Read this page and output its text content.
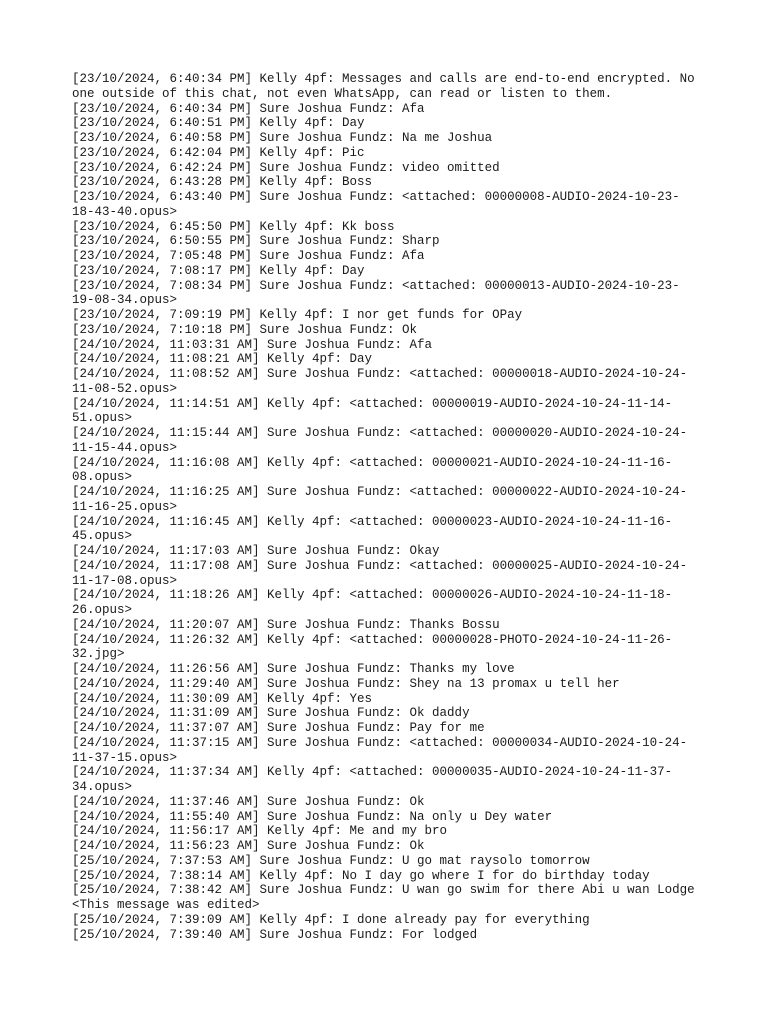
[23/10/2024, 6:40:34 PM] Kelly 4pf: Messages and calls are end-to-end encrypted. No
one outside of this chat, not even WhatsApp, can read or listen to them.
[23/10/2024, 6:40:34 PM] Sure Joshua Fundz: Afa
[23/10/2024, 6:40:51 PM] Kelly 4pf: Day
[23/10/2024, 6:40:58 PM] Sure Joshua Fundz: Na me Joshua
[23/10/2024, 6:42:04 PM] Kelly 4pf: Pic
[23/10/2024, 6:42:24 PM] Sure Joshua Fundz: video omitted
[23/10/2024, 6:43:28 PM] Kelly 4pf: Boss
[23/10/2024, 6:43:40 PM] Sure Joshua Fundz: <attached: 00000008-AUDIO-2024-10-23-
18-43-40.opus>
[23/10/2024, 6:45:50 PM] Kelly 4pf: Kk boss
[23/10/2024, 6:50:55 PM] Sure Joshua Fundz: Sharp
[23/10/2024, 7:05:48 PM] Sure Joshua Fundz: Afa
[23/10/2024, 7:08:17 PM] Kelly 4pf: Day
[23/10/2024, 7:08:34 PM] Sure Joshua Fundz: <attached: 00000013-AUDIO-2024-10-23-
19-08-34.opus>
[23/10/2024, 7:09:19 PM] Kelly 4pf: I nor get funds for OPay
[23/10/2024, 7:10:18 PM] Sure Joshua Fundz: Ok
[24/10/2024, 11:03:31 AM] Sure Joshua Fundz: Afa
[24/10/2024, 11:08:21 AM] Kelly 4pf: Day
[24/10/2024, 11:08:52 AM] Sure Joshua Fundz: <attached: 00000018-AUDIO-2024-10-24-
11-08-52.opus>
[24/10/2024, 11:14:51 AM] Kelly 4pf: <attached: 00000019-AUDIO-2024-10-24-11-14-
51.opus>
[24/10/2024, 11:15:44 AM] Sure Joshua Fundz: <attached: 00000020-AUDIO-2024-10-24-
11-15-44.opus>
[24/10/2024, 11:16:08 AM] Kelly 4pf: <attached: 00000021-AUDIO-2024-10-24-11-16-
08.opus>
[24/10/2024, 11:16:25 AM] Sure Joshua Fundz: <attached: 00000022-AUDIO-2024-10-24-
11-16-25.opus>
[24/10/2024, 11:16:45 AM] Kelly 4pf: <attached: 00000023-AUDIO-2024-10-24-11-16-
45.opus>
[24/10/2024, 11:17:03 AM] Sure Joshua Fundz: Okay
[24/10/2024, 11:17:08 AM] Sure Joshua Fundz: <attached: 00000025-AUDIO-2024-10-24-
11-17-08.opus>
[24/10/2024, 11:18:26 AM] Kelly 4pf: <attached: 00000026-AUDIO-2024-10-24-11-18-
26.opus>
[24/10/2024, 11:20:07 AM] Sure Joshua Fundz: Thanks Bossu
[24/10/2024, 11:26:32 AM] Kelly 4pf: <attached: 00000028-PHOTO-2024-10-24-11-26-
32.jpg>
[24/10/2024, 11:26:56 AM] Sure Joshua Fundz: Thanks my love
[24/10/2024, 11:29:40 AM] Sure Joshua Fundz: Shey na 13 promax u tell her
[24/10/2024, 11:30:09 AM] Kelly 4pf: Yes
[24/10/2024, 11:31:09 AM] Sure Joshua Fundz: Ok daddy
[24/10/2024, 11:37:07 AM] Sure Joshua Fundz: Pay for me
[24/10/2024, 11:37:15 AM] Sure Joshua Fundz: <attached: 00000034-AUDIO-2024-10-24-
11-37-15.opus>
[24/10/2024, 11:37:34 AM] Kelly 4pf: <attached: 00000035-AUDIO-2024-10-24-11-37-
34.opus>
[24/10/2024, 11:37:46 AM] Sure Joshua Fundz: Ok
[24/10/2024, 11:55:40 AM] Sure Joshua Fundz: Na only u Dey water
[24/10/2024, 11:56:17 AM] Kelly 4pf: Me and my bro
[24/10/2024, 11:56:23 AM] Sure Joshua Fundz: Ok
[25/10/2024, 7:37:53 AM] Sure Joshua Fundz: U go mat raysolo tomorrow
[25/10/2024, 7:38:14 AM] Kelly 4pf: No I day go where I for do birthday today
[25/10/2024, 7:38:42 AM] Sure Joshua Fundz: U wan go swim for there Abi u wan Lodge
<This message was edited>
[25/10/2024, 7:39:09 AM] Kelly 4pf: I done already pay for everything
[25/10/2024, 7:39:40 AM] Sure Joshua Fundz: For lodged
